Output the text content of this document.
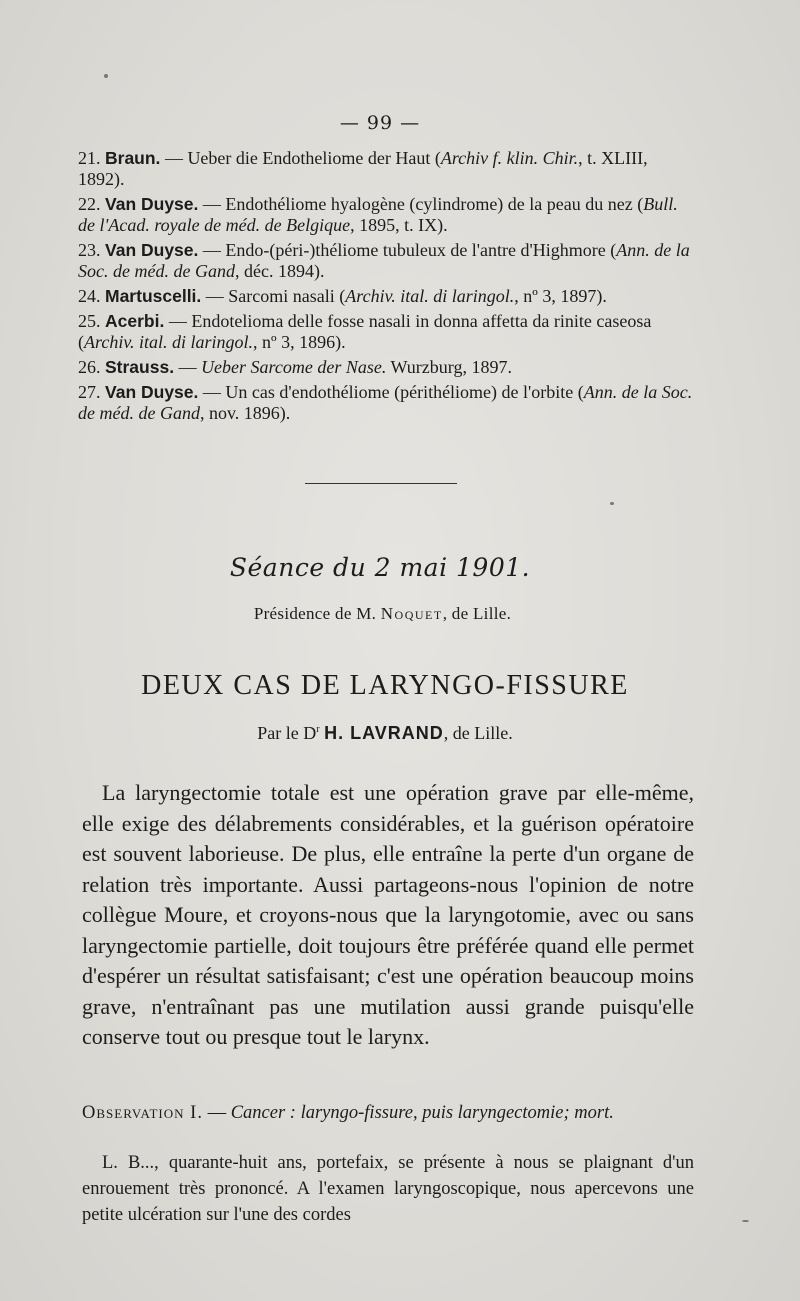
— 99 —

21. Braun. — Ueber die Endotheliome der Haut (Archiv f. klin. Chir., t. XLIII, 1892).

22. Van Duyse. — Endothéliome hyalogène (cylindrome) de la peau du nez (Bull. de l'Acad. royale de méd. de Belgique, 1895, t. IX).

23. Van Duyse. — Endo-(péri-)théliome tubuleux de l'antre d'Highmore (Ann. de la Soc. de méd. de Gand, déc. 1894).

24. Martuscelli. — Sarcomi nasali (Archiv. ital. di laringol., nº 3, 1897).

25. Acerbi. — Endotelioma delle fosse nasali in donna affetta da rinite caseosa (Archiv. ital. di laringol., nº 3, 1896).

26. Strauss. — Ueber Sarcome der Nase. Wurzburg, 1897.

27. Van Duyse. — Un cas d'endothéliome (périthéliome) de l'orbite (Ann. de la Soc. de méd. de Gand, nov. 1896).

Séance du 2 mai 1901.
Présidence de M. Noquet, de Lille.
DEUX CAS DE LARYNGO-FISSURE
Par le $D^r$ H. LAVRAND, de Lille.

La laryngectomie totale est une opération grave par elle-même, elle exige des délabrements considérables, et la guérison opératoire est souvent laborieuse. De plus, elle entraîne la perte d'un organe de relation très importante. Aussi partageons-nous l'opinion de notre collègue Moure, et croyons-nous que la laryngotomie, avec ou sans laryngectomie partielle, doit toujours être préférée quand elle permet d'espérer un résultat satisfaisant; c'est une opération beaucoup moins grave, n'entraînant pas une mutilation aussi grande puisqu'elle conserve tout ou presque tout le larynx.

Observation I. — Cancer : laryngo-fissure, puis laryngectomie; mort.

L. B..., quarante-huit ans, portefaix, se présente à nous se plaignant d'un enrouement très prononcé. A l'examen laryngoscopique, nous apercevons une petite ulcération sur l'une des cordes
